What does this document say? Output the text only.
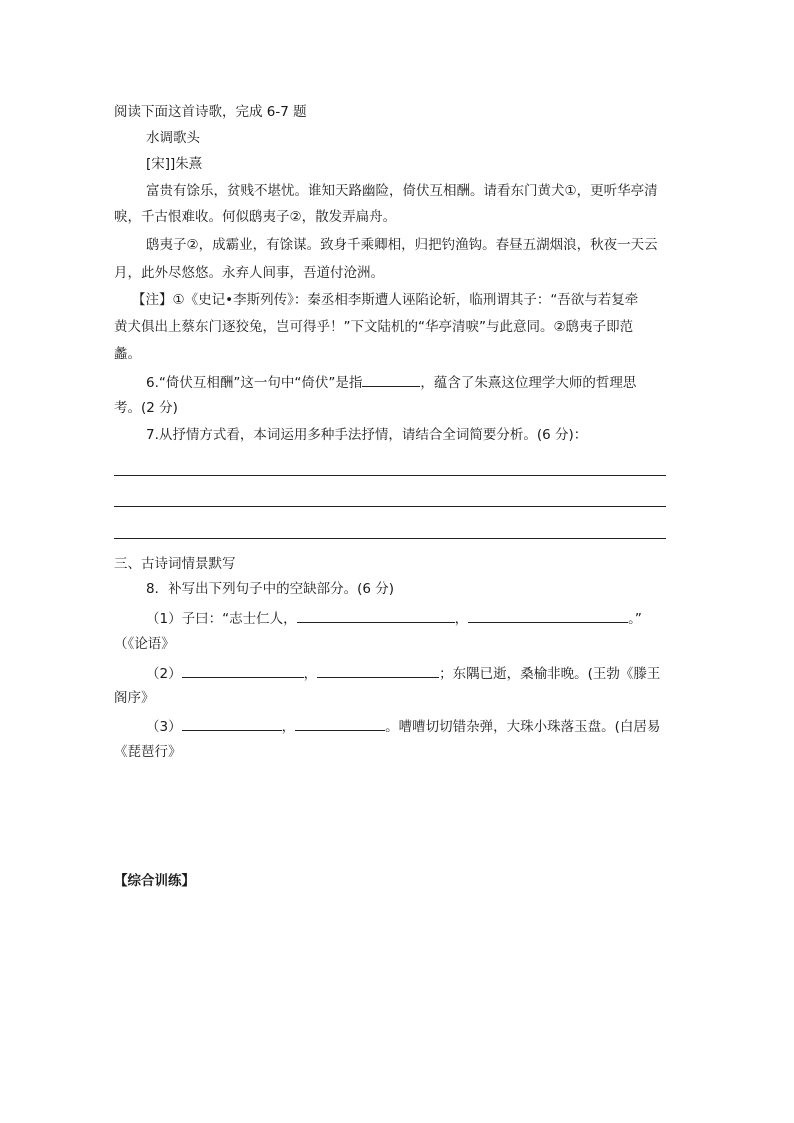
阅读下面这首诗歌，完成 6-7 题
水调歌头
[宋]]朱熹
富贵有馀乐，贫贱不堪忧。谁知天路幽险，倚伏互相酬。请看东门黄犬①，更听华亭清
唳，千古恨难收。何似鸱夷子②，散发弄扁舟。
鸱夷子②，成霸业，有馀谋。致身千乘卿相，归把钓渔钩。春昼五湖烟浪，秋夜一天云
月，此外尽悠悠。永弃人间事，吾道付沧洲。
【注】①《史记•李斯列传》：秦丞相李斯遭人诬陷论斩，临刑谓其子：“吾欲与若复牵
黄犬俱出上蔡东门逐狡兔，岂可得乎！”下文陆机的“华亭清唳”与此意同。②鸱夷子即范
蠡。
6.“倚伏互相酬”这一句中“倚伏”是指	，蕴含了朱熹这位理学大师的哲理思
考。(2 分)
7.从抒情方式看，本词运用多种手法抒情，请结合全词简要分析。(6 分)：
三、古诗词情景默写
8．补写出下列句子中的空缺部分。(6 分)
（1）子曰：“志士仁人，	，	。”
（《论语》
（2）	，	；东隅已逝，桑榆非晚。(王勃《滕王
阁序》
（3）	，	。嘈嘈切切错杂弹，大珠小珠落玉盘。(白居易
《琵琶行》
【综合训练】
